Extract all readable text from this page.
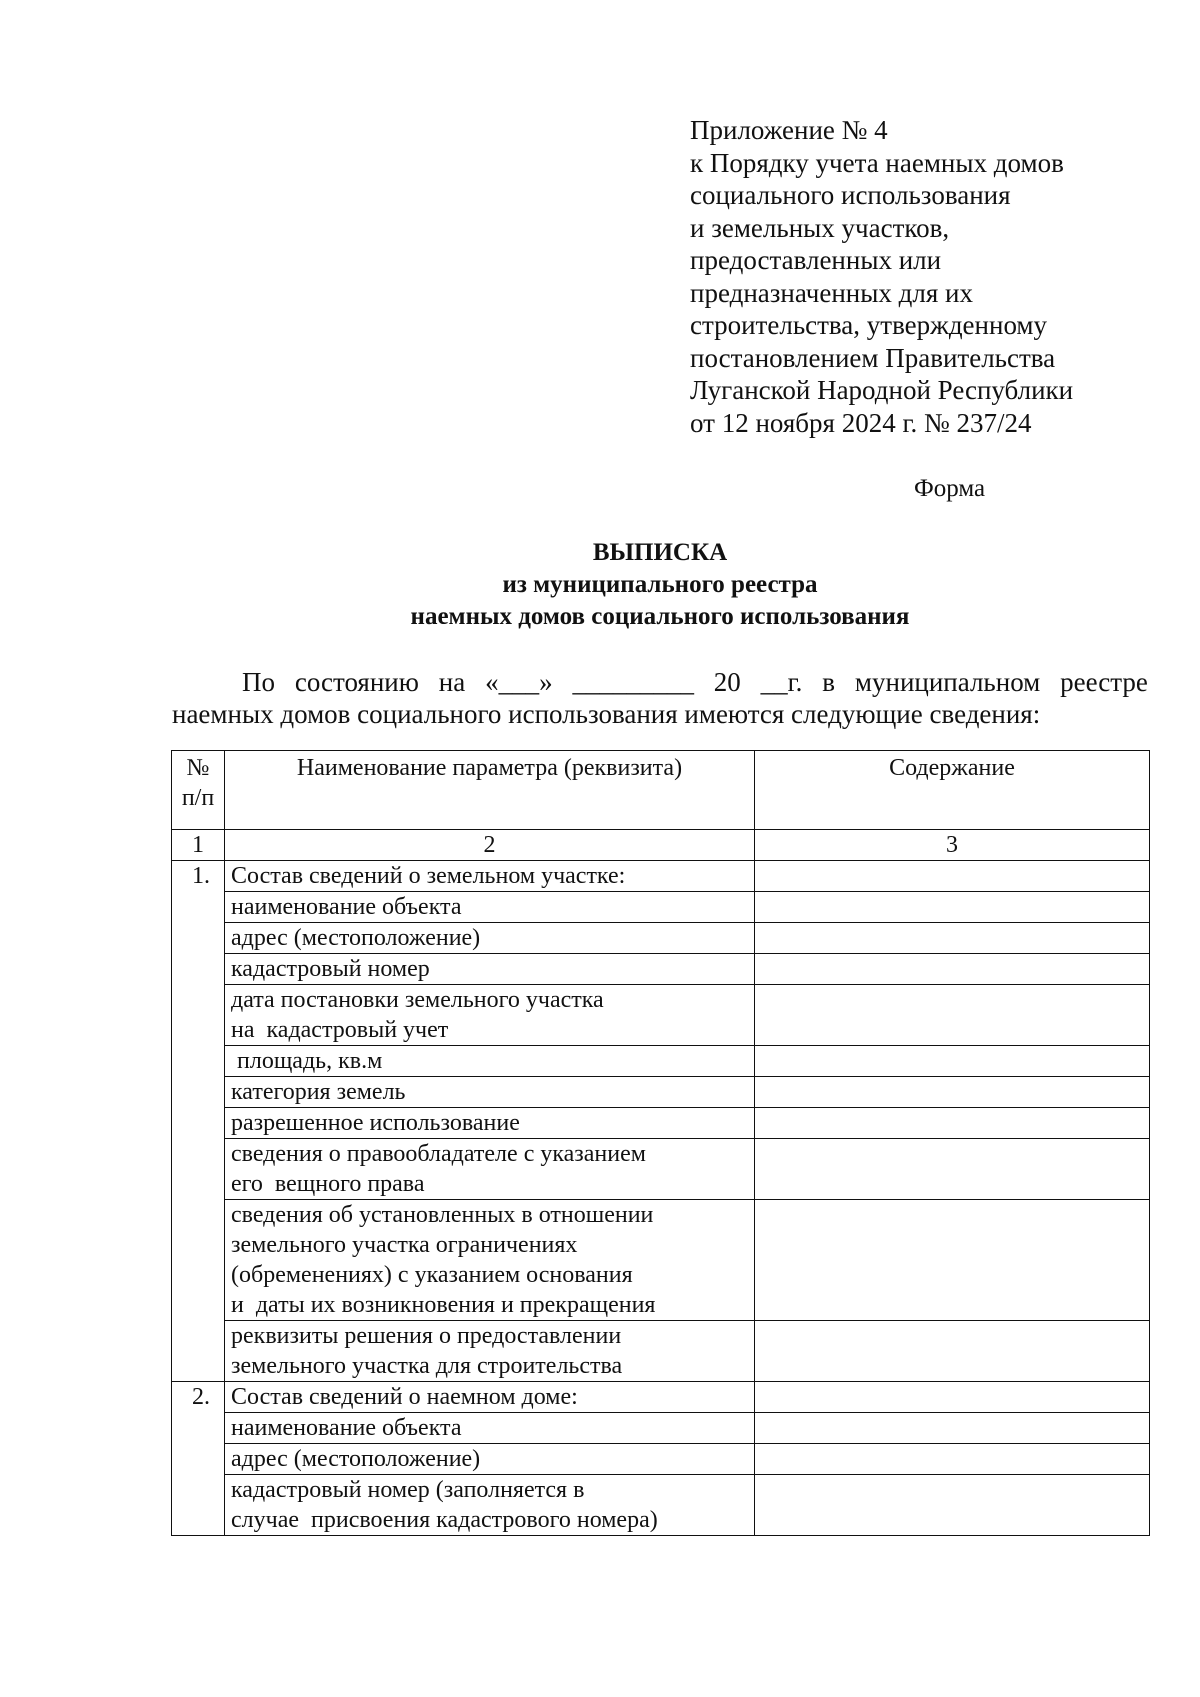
Приложение № 4
к Порядку учета наемных домов
социального использования
и земельных участков,
предоставленных или
предназначенных для их
строительства, утвержденному
постановлением Правительства
Луганской Народной Республики
от 12 ноября 2024 г. № 237/24
Форма
ВЫПИСКА
из муниципального реестра
наемных домов социального использования
По состоянию на «___» _________ 20 __г. в муниципальном реестре
наемных домов социального использования имеются следующие сведения:
№
п/п	Наименование параметра (реквизита)	Содержание
1	2	3
1.	Состав сведений о земельном участке:	
	наименование объекта	
	адрес (местоположение)	
	кадастровый номер	
	дата постановки земельного участка
на  кадастровый учет	
	площадь, кв.м	
	категория земель	
	разрешенное использование	
	сведения о правообладателе с указанием
его  вещного права	
	сведения об установленных в отношении
земельного участка ограничениях
(обременениях) с указанием основания
и  даты их возникновения и прекращения	
	реквизиты решения о предоставлении
земельного участка для строительства	
2.	Состав сведений о наемном доме:	
	наименование объекта	
	адрес (местоположение)	
	кадастровый номер (заполняется в
случае  присвоения кадастрового номера)	
